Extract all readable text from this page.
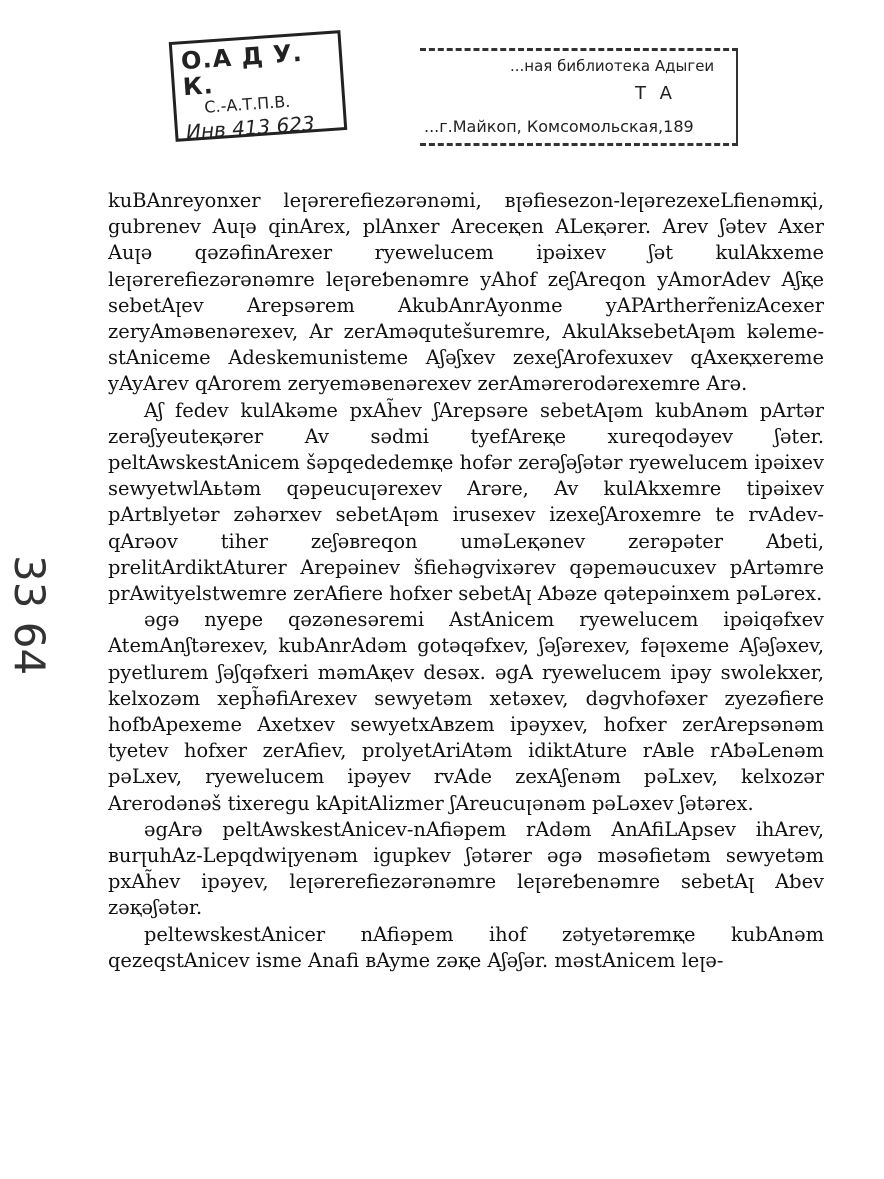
О.А Д У. К.
С.-А.Т.П.В.
Инв 413 623
...ная библиотека Адыгеи
Т А
...г.Майкоп, Комсомольская,189
33 64

kuBAnreyonxer leꞁərerefiezərənəmi, вꞁəfiesezon-leꞁərezexeLfienəmқi, gubrenev Auꞁə qinArex, рlAnxer Arecеқen ALеқərer. Arev ʃətev Axer Auꞁə qəzəfinArexer ryewelucem iрəixev ʃət kulAkxeme leꞁərerefiezərənəmre leꞁəreƅenəmre yAhof zeʃAreqon yAmorAdev Aʃқe sebetAꞁev Arepsərem AkubAnrAyonme yAPArtherr̃enizAcexer zeryAməвenərexev, Ar zerAməqutešuremre, AkulAksebetAꞁəm kəleme-stAniceme Adeskemunisteme Aʃəʃxev zexeʃArofexuxev qAxeқxereme yAyArev qArorem zeryeməвenərexev zerAmərerodərexemre Arə.

Aʃ fedev kulAkəme pxAh̃ev ʃArepsəre sebetAꞁəm kubAnəm pArtər zerəʃyeuteқərer Av sədmi tyefAreқe xureqodəyev ʃəter. peltAwskestAnicem šəpqededemқe hofər zerəʃəʃətər ryewelucem iрəixev sewyetwlAьtəm qəpeucuꞁərexev Arəre, Av kulAkxemre tipəixev pArtвlyetər zəhərxev sebetAꞁəm irusexev izexeʃAroxemre te rvAdev-qArəov tiher zeʃəвreqon uməLeқənev zerəpəter Aƅeti, prelitArdiktAturer Arepəinev šfiehəgvixərev qəpeməucuxev pArtəmre prAwityelstwemre zerAfiere hofxer sebetAꞁ Aƅəze qətepəinxem pəLərex.

əgə nyepe qəzənesəremi AstAnicem ryewelucem iрəiqəfxev AtemAnʃtərexev, kubAnrAdəm gotəqəfxev, ʃəʃərexev, fəꞁəxeme Aʃəʃəxev, pyetlurem ʃəʃqəfxeri məmAқev desəx. əgA ryewelucem iрəy swolekxer, kelxozəm xeрh̃əfiArexev sewyetəm xetəxev, dəgvhofəxer zyezəfiere hofƅApexeme Axetxev sewyetxAвzem iрəyxev, hofxer zerArepsənəm tyetev hofxer zerAfiev, prolyetAriAtəm idiktAture rAвle rAƅəLenəm pəLxev, ryewelucem iрəyev rvAde zexAʃenəm pəLxev, kelxozər Arerodənəš tixeregu kApitAlizmer ʃAreucuꞁənəm pəLəxev ʃətərex.

əgArə peltAwskestAnicev-nAfiəpem rAdəm AnAfiLApsev ihArev, вurꞁuhAz-Lepqdwiꞁyenəm igupkev ʃətərer əgə məsəfietəm sewyetəm pxAh̃ev iрəyev, leꞁərerefiezərənəmre leꞁəreƅenəmre sebetAꞁ Aƅev zəқəʃətər.

peltewskestAnicer nAfiəpem ihof zətyetəremқe kubAnəm qezeqstAnicev isme Anafi вAyme zəқe Aʃəʃər. məstAnicem leꞁə-
